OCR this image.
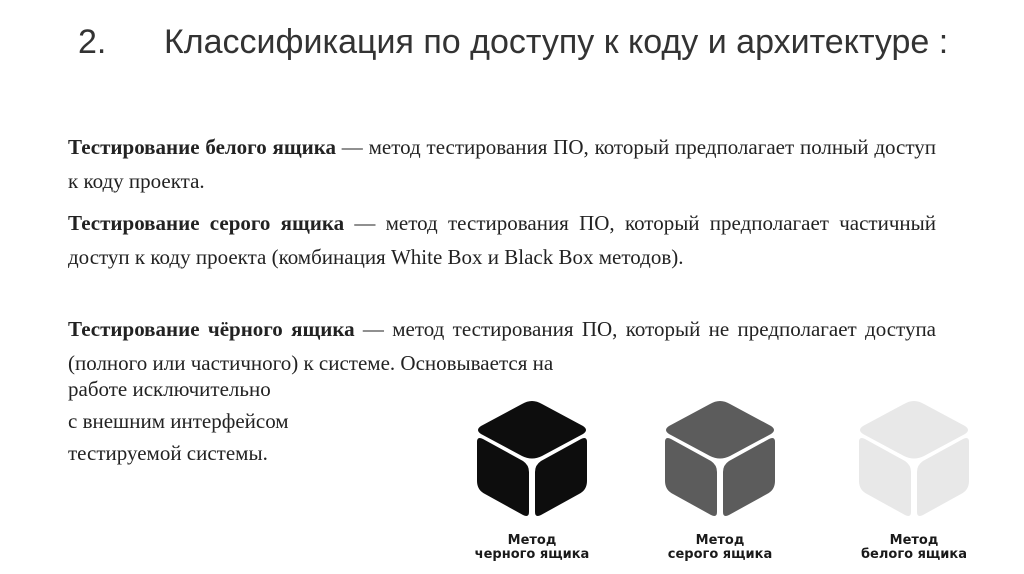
2. Классификация по доступу к коду и архитектуре :

Тестирование белого ящика — метод тестирования ПО, который предполагает полный доступ к коду проекта.

Тестирование серого ящика — метод тестирования ПО, который предполагает частичный доступ к коду проекта (комбинация White Box и Black Box методов).

Тестирование чёрного ящика — метод тестирования ПО, который не предполагает доступа (полного или частичного) к системе. Основывается на

работе исключительно
с внешним интерфейсом
тестируемой системы.
Метод
черного ящика
Метод
серого ящика
Метод
белого ящика
